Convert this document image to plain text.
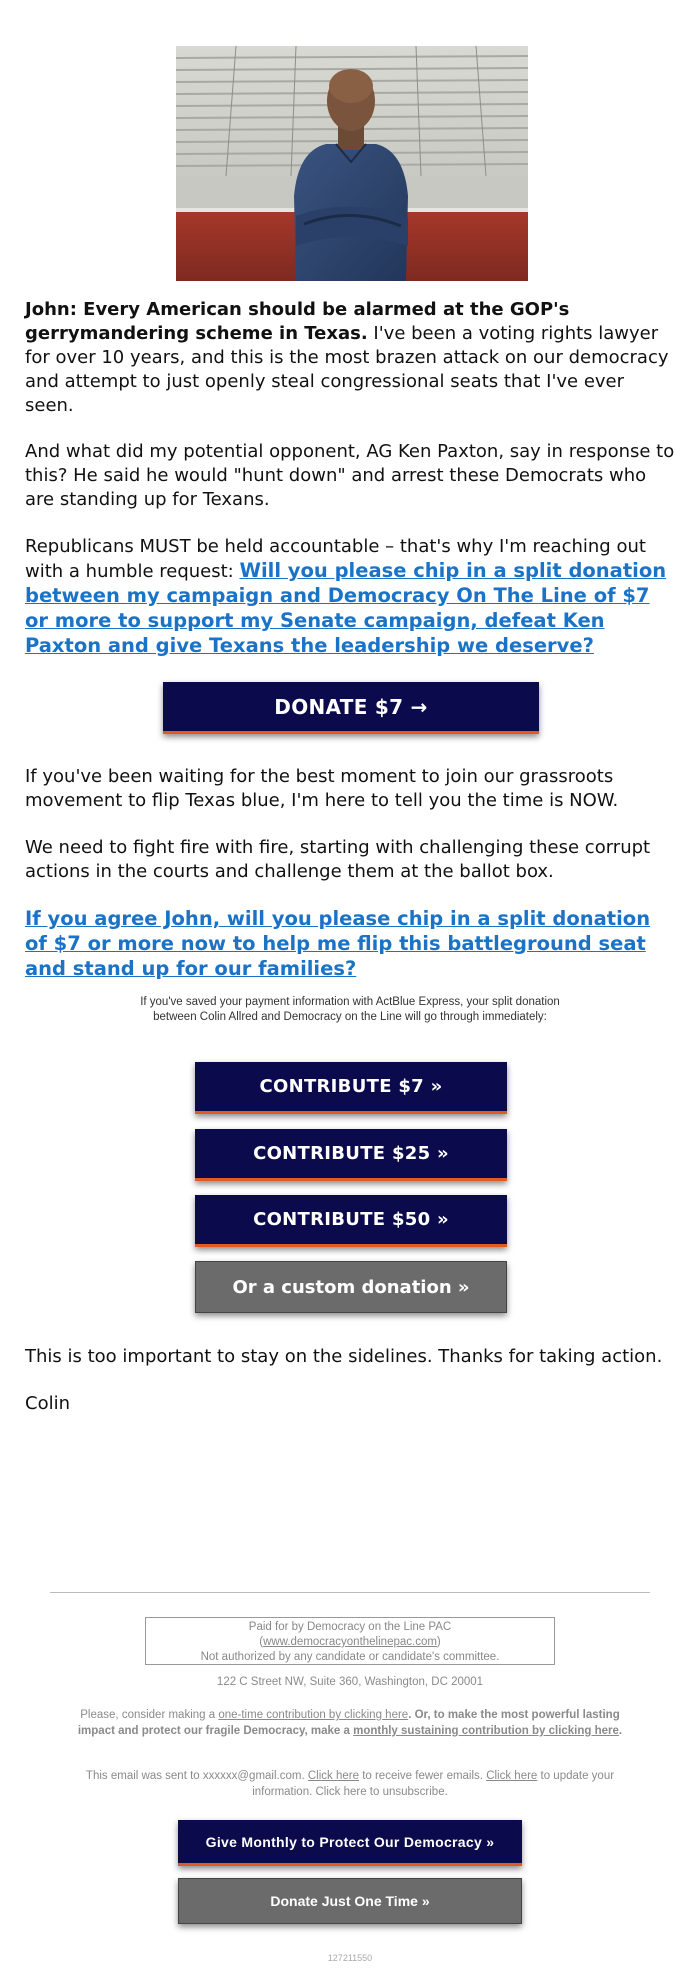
John: Every American should be alarmed at the GOP's gerrymandering scheme in Texas. I've been a voting rights lawyer for over 10 years, and this is the most brazen attack on our democracy and attempt to just openly steal congressional seats that I've ever seen.

And what did my potential opponent, AG Ken Paxton, say in response to this? He said he would "hunt down" and arrest these Democrats who are standing up for Texans.

Republicans MUST be held accountable – that's why I'm reaching out with a humble request: Will you please chip in a split donation between my campaign and Democracy On The Line of $7 or more to support my Senate campaign, defeat Ken Paxton and give Texans the leadership we deserve?

DONATE $7 →

If you've been waiting for the best moment to join our grassroots movement to flip Texas blue, I'm here to tell you the time is NOW.

We need to fight fire with fire, starting with challenging these corrupt actions in the courts and challenge them at the ballot box.

If you agree John, will you please chip in a split donation of $7 or more now to help me flip this battleground seat and stand up for our families?

If you've saved your payment information with ActBlue Express, your split donation between Colin Allred and Democracy on the Line will go through immediately:
CONTRIBUTE $7 »
CONTRIBUTE $25 »
CONTRIBUTE $50 »
Or a custom donation »

This is too important to stay on the sidelines. Thanks for taking action.

Colin

Paid for by Democracy on the Line PAC
(www.democracyonthelinepac.com)
Not authorized by any candidate or candidate's committee.
122 C Street NW, Suite 360, Washington, DC 20001
Please, consider making a one-time contribution by clicking here. Or, to make the most powerful lasting impact and protect our fragile Democracy, make a monthly sustaining contribution by clicking here.
This email was sent to xxxxxx@gmail.com. Click here to receive fewer emails. Click here to update your information. Click here to unsubscribe.
Give Monthly to Protect Our Democracy »
Donate Just One Time »
127211550
